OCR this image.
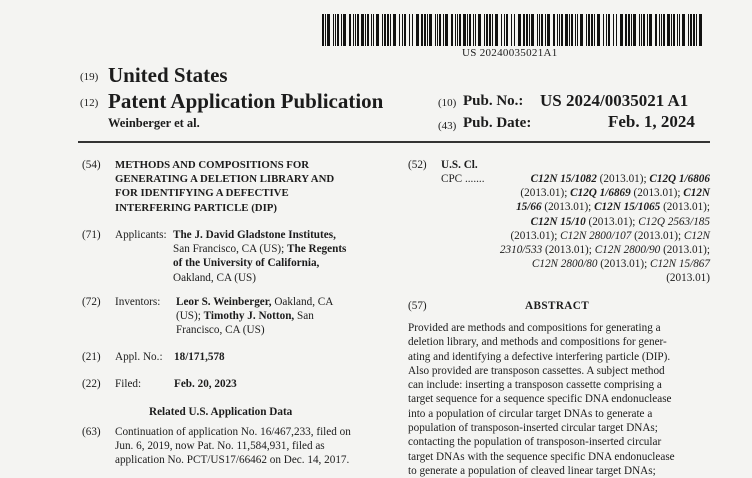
US 20240035021A1
(19) United States
(12) Patent Application Publication
Weinberger et al.
(10) Pub. No.: US 2024/0035021 A1
(43) Pub. Date:	Feb. 1, 2024
(54) METHODS AND COMPOSITIONS FOR
GENERATING A DELETION LIBRARY AND
FOR IDENTIFYING A DEFECTIVE
INTERFERING PARTICLE (DIP)
(71) Applicants: The J. David Gladstone Institutes,
San Francisco, CA (US); The Regents
of the University of California,
Oakland, CA (US)
(72) Inventors: Leor S. Weinberger, Oakland, CA
(US); Timothy J. Notton, San
Francisco, CA (US)
(21) Appl. No.: 18/171,578
(22) Filed:	Feb. 20, 2023
Related U.S. Application Data
(63) Continuation of application No. 16/467,233, filed on
Jun. 6, 2019, now Pat. No. 11,584,931, filed as
application No. PCT/US17/66462 on Dec. 14, 2017.
(52) U.S. Cl.
CPC .......	C12N 15/1082 (2013.01); C12Q 1/6806
(2013.01); C12Q 1/6869 (2013.01); C12N
15/66 (2013.01); C12N 15/1065 (2013.01);
C12N 15/10 (2013.01); C12Q 2563/185
(2013.01); C12N 2800/107 (2013.01); C12N
2310/533 (2013.01); C12N 2800/90 (2013.01);
C12N 2800/80 (2013.01); C12N 15/867
(2013.01)
(57)	ABSTRACT
Provided are methods and compositions for generating a
deletion library, and methods and compositions for gener-
ating and identifying a defective interfering particle (DIP).
Also provided are transposon cassettes. A subject method
can include: inserting a transposon cassette comprising a
target sequence for a sequence specific DNA endonuclease
into a population of circular target DNAs to generate a
population of transposon-inserted circular target DNAs;
contacting the population of transposon-inserted circular
target DNAs with the sequence specific DNA endonuclease
to generate a population of cleaved linear target DNAs;
